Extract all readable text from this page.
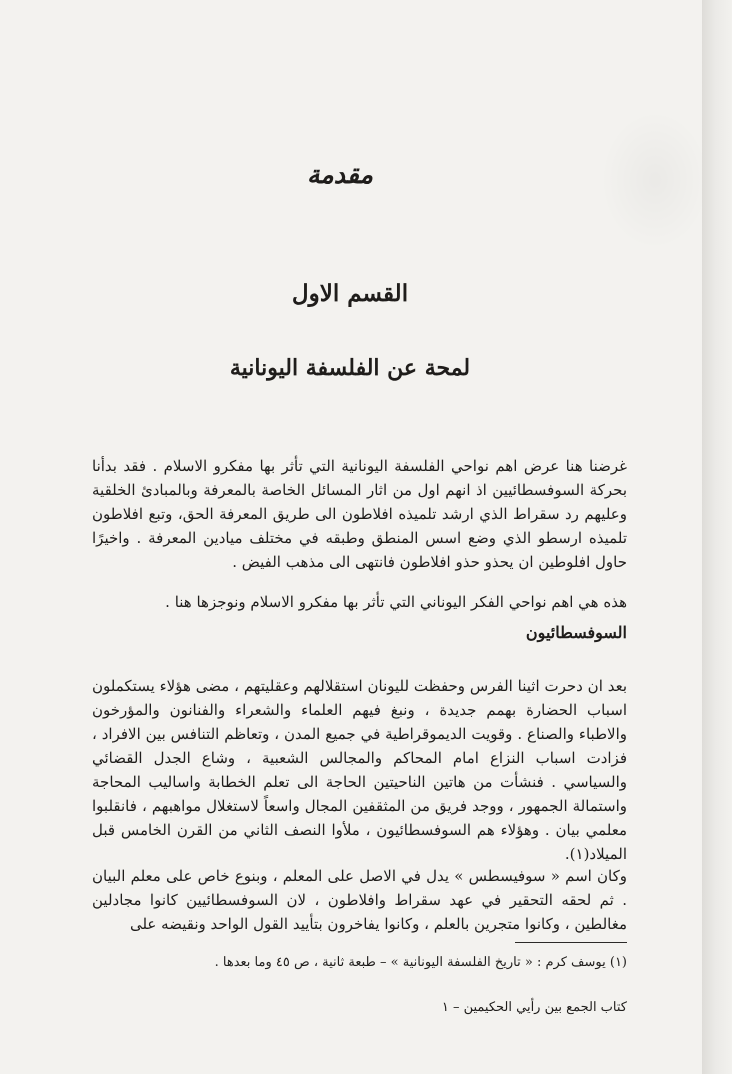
مقدمة
القسم الاول
لمحة عن الفلسفة اليونانية

غرضنا هنا عرض اهم نواحي الفلسفة اليونانية التي تأثر بها مفكرو الاسلام . فقد بدأنا بحركة السوفسطائيين اذ انهم اول من اثار المسائل الخاصة بالمعرفة وبالمبادئ الخلقية وعليهم رد سقراط الذي ارشد تلميذه افلاطون الى طريق المعرفة الحق، وتبع افلاطون تلميذه ارسطو الذي وضع اسس المنطق وطبقه في مختلف ميادين المعرفة . واخيرًا حاول افلوطين ان يحذو حذو افلاطون فانتهى الى مذهب الفيض .

هذه هي اهم نواحي الفكر اليوناني التي تأثر بها مفكرو الاسلام ونوجزها هنا .

السوفسطائيون

بعد ان دحرت اثينا الفرس وحفظت لليونان استقلالهم وعقليتهم ، مضى هؤلاء يستكملون اسباب الحضارة بهمم جديدة ، ونبغ فيهم العلماء والشعراء والفنانون والمؤرخون والاطباء والصناع . وقويت الديموقراطية في جميع المدن ، وتعاظم التنافس بين الافراد ، فزادت اسباب النزاع امام المحاكم والمجالس الشعبية ، وشاع الجدل القضائي والسياسي . فنشأت من هاتين الناحيتين الحاجة الى تعلم الخطابة واساليب المحاجة واستمالة الجمهور ، ووجد فريق من المثقفين المجال واسعاً لاستغلال مواهبهم ، فانقلبوا معلمي بيان . وهؤلاء هم السوفسطائيون ، ملأوا النصف الثاني من القرن الخامس قبل الميلاد(١).

وكان اسم « سوفيسطس » يدل في الاصل على المعلم ، وبنوع خاص على معلم البيان . ثم لحقه التحقير في عهد سقراط وافلاطون ، لان السوفسطائيين كانوا مجادلين مغالطين ، وكانوا متجرين بالعلم ، وكانوا يفاخرون بتأييد القول الواحد ونقيضه على

(١) يوسف كرم : « تاريخ الفلسفة اليونانية » – طبعة ثانية ، ص ٤٥ وما بعدها .
كتاب الجمع بين رأيي الحكيمين – ١
